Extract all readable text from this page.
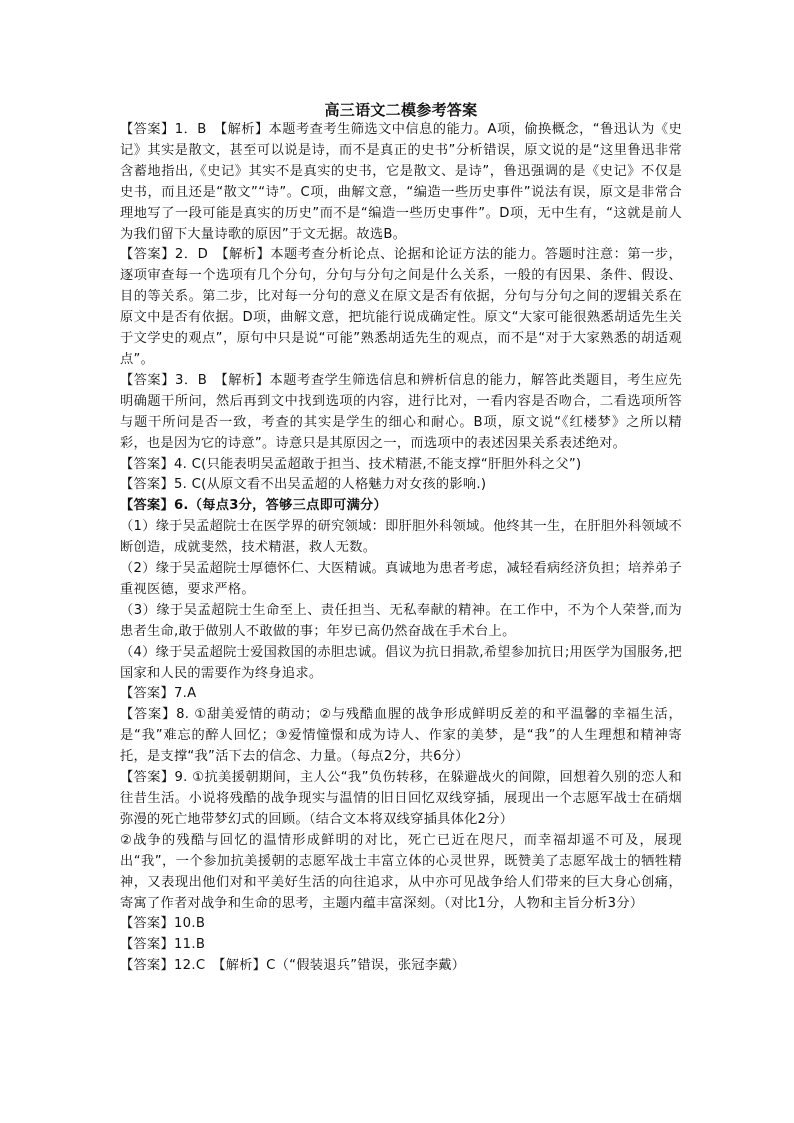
高三语文二模参考答案

【答案】1．B　【解析】本题考查考生筛选文中信息的能力。A项，偷换概念，“鲁迅认为《史记》其实是散文，甚至可以说是诗，而不是真正的史书”分析错误，原文说的是“这里鲁迅非常含蓄地指出,《史记》其实不是真实的史书，它是散文、是诗”，鲁迅强调的是《史记》不仅是史书，而且还是“散文”“诗”。C项，曲解文意，“编造一些历史事件”说法有误，原文是非常合理地写了一段可能是真实的历史”而不是“编造一些历史事件”。D项，无中生有，“这就是前人为我们留下大量诗歌的原因”于文无据。故选B。

【答案】2．D　【解析】本题考查分析论点、论据和论证方法的能力。答题时注意：第一步，逐项审查每一个选项有几个分句，分句与分句之间是什么关系，一般的有因果、条件、假设、目的等关系。第二步，比对每一分句的意义在原文是否有依据，分句与分句之间的逻辑关系在原文中是否有依据。D项，曲解文意，把坑能行说成确定性。原文“大家可能很熟悉胡适先生关于文学史的观点”，原句中只是说“可能”熟悉胡适先生的观点，而不是“对于大家熟悉的胡适观点”。

【答案】3．B　【解析】本题考查学生筛选信息和辨析信息的能力，解答此类题目，考生应先明确题干所问，然后再到文中找到选项的内容，进行比对，一看内容是否吻合，二看选项所答与题干所问是否一致，考查的其实是学生的细心和耐心。B项，原文说“《红楼梦》之所以精彩，也是因为它的诗意”。诗意只是其原因之一，而选项中的表述因果关系表述绝对。

【答案】4. C(只能表明吴孟超敢于担当、技术精湛,不能支撑“肝胆外科之父”)

【答案】5. C(从原文看不出吴孟超的人格魅力对女孩的影响.)

【答案】6.（每点3分，答够三点即可满分）

（1）缘于吴孟超院士在医学界的研究领域：即肝胆外科领域。他终其一生，在肝胆外科领域不断创造，成就斐然，技术精湛，救人无数。

（2）缘于吴孟超院士厚德怀仁、大医精诚。真诚地为患者考虑，减轻看病经济负担；培养弟子重视医德，要求严格。

（3）缘于吴孟超院士生命至上、责任担当、无私奉献的精神。在工作中，不为个人荣誉,而为患者生命,敢于做别人不敢做的事；年岁已高仍然奋战在手术台上。

（4）缘于吴孟超院士爱国救国的赤胆忠诚。倡议为抗日捐款,希望参加抗日;用医学为国服务,把国家和人民的需要作为终身追求。

【答案】7.A

【答案】8. ①甜美爱情的萌动；②与残酷血腥的战争形成鲜明反差的和平温馨的幸福生活，是“我”难忘的醉人回忆；③爱情憧憬和成为诗人、作家的美梦，是“我”的人生理想和精神寄托，是支撑“我”活下去的信念、力量。（每点2分，共6分）

【答案】9. ①抗美援朝期间，主人公“我”负伤转移，在躲避战火的间隙，回想着久别的恋人和往昔生活。小说将残酷的战争现实与温情的旧日回忆双线穿插，展现出一个志愿军战士在硝烟弥漫的死亡地带梦幻式的回顾。（结合文本将双线穿插具体化2分）

②战争的残酷与回忆的温情形成鲜明的对比，死亡已近在咫尺，而幸福却遥不可及，展现出“我”，一个参加抗美援朝的志愿军战士丰富立体的心灵世界，既赞美了志愿军战士的牺牲精神，又表现出他们对和平美好生活的向往追求，从中亦可见战争给人们带来的巨大身心创痛，寄寓了作者对战争和生命的思考，主题内蕴丰富深刻。（对比1分，人物和主旨分析3分）

【答案】10.B

【答案】11.B

【答案】12.C　【解析】C（“假装退兵”错误，张冠李戴）
